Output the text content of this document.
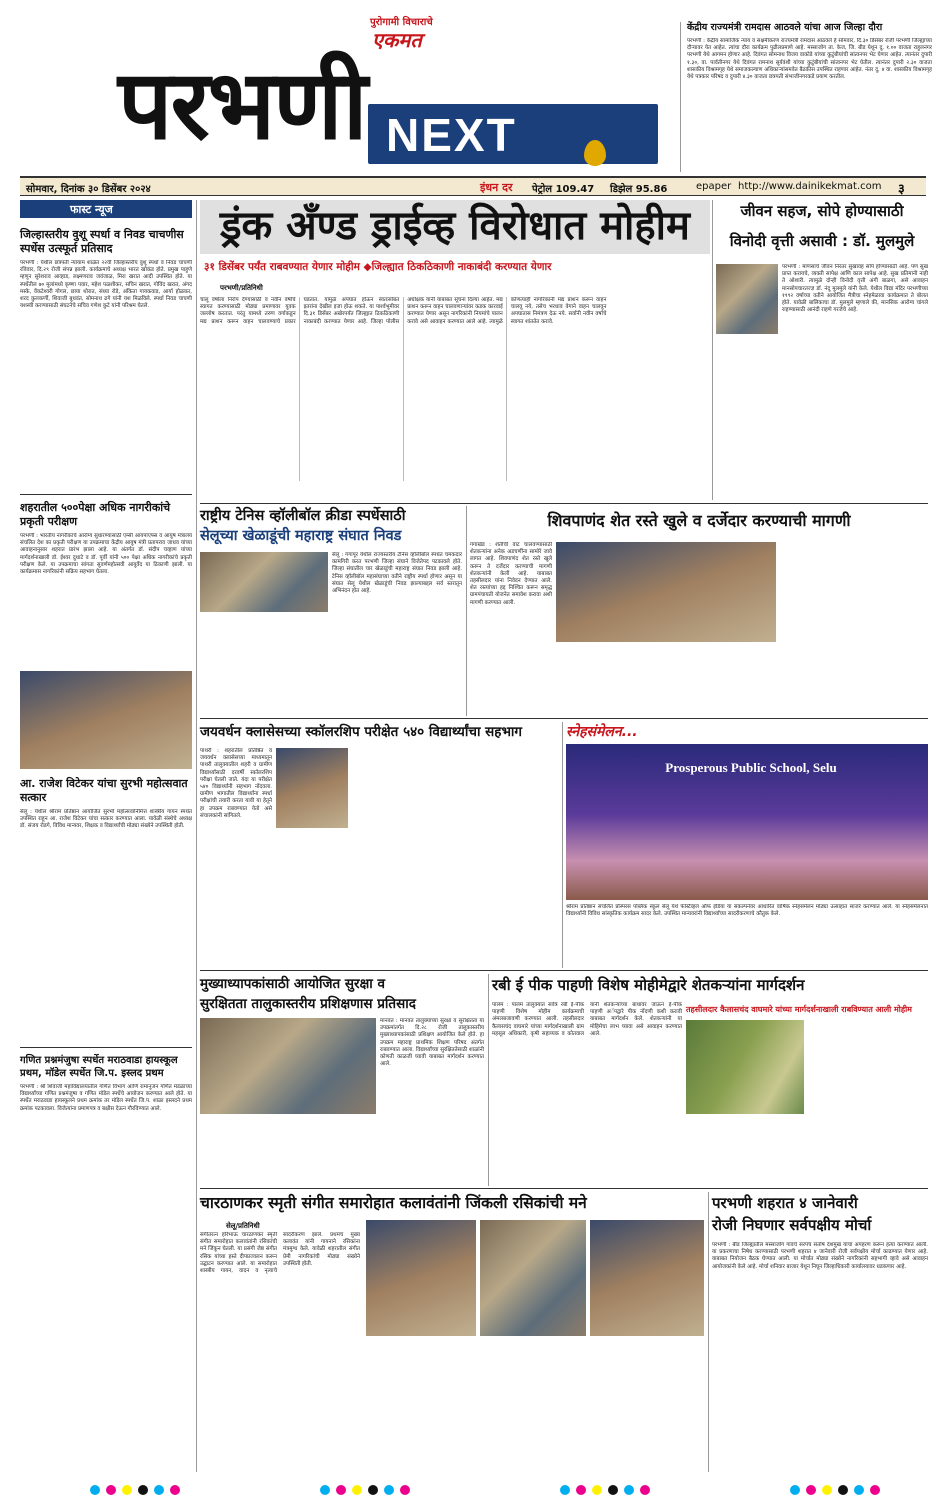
पुरोगामी विचाराचे
एकमत
परभणी NEXT
केंद्रीय राज्यमंत्री रामदास आठवले यांचा आज जिल्हा दौरा
परभणी : केंद्रीय सामाजिक न्याय व सक्षमीकरण राज्यमंत्री रामदास आठवले हे सोमवार, दि.३० डिसेंबर रोजी परभणी जिल्ह्याच्या दौऱ्यावर येत आहेत. त्यांचा दौरा कार्यक्रम पुढीलप्रमाणे आहे. मस्साजोग ता. केज, जि. बीड येथून दु. १.०० वाजता राहुलनगर परभणी येथे आगमन होणार आहे. दिवंगत सोमनाथ विजय वाकोडे यांच्या कुटुंबीयांची सांत्वनपर भेट घेणार आहेत. त्यानंतर दुपारी १.३०, वा. पार्वतीनगर येथे दिवंगत रामनाथ सूर्यवंशी यांच्या कुटुंबीयांची सांत्वनपर भेट घेतील. त्यानंतर दुपारी २.३० वाजता शासकीय विश्रामगृह येथे समाजकल्याण अधिकाऱ्यांसमवेत बैठकीस उपस्थित राहणार आहेत. नंतर दु. ४ वा. शासकीय विश्रामगृह येथे पत्रकार परिषद व दुपारी ४.३० वाजता छत्रपती संभाजीनगरकडे प्रयाण करतील.
सोमवार, दिनांक ३० डिसेंबर २०२४	इंधन दर पेट्रोल 109.47 डिझेल 95.86	epaper http://www.dainikekmat.com ३
फास्ट न्यूज
जिल्हास्तरीय वुशू स्पर्धा व निवड चाचणीस स्पर्धेस उत्स्फूर्त प्रतिसाद
परभणी : येथील छत्रपती न्यायाम शाळेत २२वी जिल्हास्तरीय वुशू स्पर्धा व निवड चाचणी रविवार, दि.२९ रोजी संपन्न झाली. कार्यक्रमाचे अध्यक्ष भारत खोकंड होते. प्रमुख पाहुणे म्हणून सुरेशराव आव्हाड, लक्ष्मणराव जवंजाळ, मिरा खरात आदी उपस्थित होते. या स्पर्धेतील ७० मुलांमध्ये कृष्णा पवार, महेश पळशीकर, सचिन खरात, गोविंद खरात, अंगद मस्के, वेंकटेश्वरी गोगल, छाया थोरात, संध्या रोडे, अंकिता गायकवाड, आर्या होळकर, शरद कुलकर्णी, शिवाजी बुधवंत, सोमनाथ ढगे यांनी यश मिळविले. स्पर्धा निवड चाचणी यशस्वी करण्यासाठी संघटनेचे सचिव गणेश कुटे यांनी परिश्रम घेतले.
शहरातील ५००पेक्षा अधिक नागरीकांचे प्रकृती परीक्षण
परभणी : भारतीय नागरीकांचे आरोग्य सुधारण्यासाठी एम्सी आयपाएफ्स व आयुष मंत्रालय संचलित देश का प्रकृती परीक्षण या उपक्रमाचा केंद्रीय आयुष मंत्री प्रतापराव जाधव यांच्या आवाहनानुसार शहरात प्रारंभ झाला आहे. या अंतर्गत डॉ. संदीप चव्हाण यांच्या मार्गदर्शनाखाली डॉ. ईश्वर दुधाटे व डॉ. पूर्वी यांनी ५०० पेक्षा अधिक नागरीकांचे प्रकृती परीक्षण केले. या उपक्रमाचा सांगता सुवर्णमहोत्सवी आयुर्वेद या ठिकाणी झाली. या कार्यक्रमास नागरिकांनी सक्रिय सहभाग घेतला.
आ. राजेश विटेकर यांचा सुरभी महोत्सवात सत्कार
सेलू : येथील श्रीराम प्रतिष्ठान आयोजित सुरभी महोत्सवानिमित्त शास्त्रीय गायन स्पर्धेत उपस्थित राहून आ. राजेश विटेकर यांचा सत्कार करण्यात आला. यावेळी संस्थेचे अध्यक्ष डॉ. संजय रोडगे, विविध मान्यवर, शिक्षक व विद्यार्थ्यांची मोठ्या संख्येने उपस्थिती होती.
गणित प्रश्नमंजुषा स्पर्धेत मराठवाडा हायस्कूल प्रथम, मॉडेल स्पर्धेत जि.प. इस्लद प्रथम
परभणी : श्री शिवाजी महाविद्यालयातील गणित विभाग आणि रामानुजन गणित मंडळाच्या विद्यार्थ्यांच्या गणित प्रश्नमंजुषा व गणित मॉडेल स्पर्धेचे आयोजन करण्यात आले होते. या स्पर्धेत मराठवाडा हायस्कूलने प्रथम क्रमांक तर मॉडेल स्पर्धेत जि.प. शाळा इस्लदने प्रथम क्रमांक पटकावला. विजेत्यांना प्रमाणपत्र व बक्षीस देऊन गौरविण्यात आले.
ड्रंक अँण्ड ड्राईव्ह विरोधात मोहीम
३१ डिसेंबर पर्यंत राबवण्यात येणार मोहीम ◆जिल्ह्यात ठिकठिकाणी नाकाबंदी करण्यात येणार
परभणी/प्रतिनिधी
चालू वर्षाला निरोप देण्यासाठी व नवीन वर्षाचे स्वागत करण्यासाठी मोठ्या प्रमाणावर युवक जल्लोष करतात. परंतु यामध्ये तरुण वर्गाकडून मद्य प्राशन करून वाहन चालवण्याचे प्रकार घडतात. यामुळे अपघात होऊन स्वतःसोबत इतरांना देखील इजा होऊ शकते. या पार्श्वभूमीवर दि.३१ डिसेंबर अखेरपर्यंत जिल्ह्यात ठिकठिकाणी नाकाबंदी करण्यात येणार आहे. जिल्हा पोलीस अधीक्षक यांनी याबाबत सूचना दिल्या आहेत. मद्य प्राशन करून वाहन चालवणाऱ्यांवर कडक कारवाई करण्यात येणार असून नागरिकांनी नियमांचे पालन करावे असे आवाहन करण्यात आले आहे. त्यामुळे कोणत्याही नागरिकांनी मद्य प्राशन करून वाहन चालवू नये, तसेच भरधाव वेगाने वाहन चालवून अपघातास निमंत्रण देऊ नये. सर्वांनी नवीन वर्षाचे स्वागत शांततेत करावे.
जीवन सहज, सोपे होण्यासाठी
विनोदी वृत्ती असावी : डॉ. मुलमुले
परभणी : माणसाचे जीवन निरंतर सुखावह सोपे होण्यासाठी आहे. पण सुख प्राप्त करायचे, व्यक्ती सापेक्ष आणि काल सापेक्ष आहे. सुख प्रतिमानी नाही ते ओशारी. त्यामुळे दोन्ही विनोदी वृत्ती अंगी बाळगा, असे आवाहन मानसोपचारतज्ज्ञ डॉ. नंदू मुलमुले यांनी केले. येथील विद्या मंदिर परभणीच्या १९९२ वर्षाच्या वतीने आयोजित मैत्रीचा स्नेहमेळावा कार्यक्रमात ते बोलत होते. यावेळी बालिकाचा डॉ. मुलमुले म्हणाले की, मानसिक आरोग्य चांगले राहण्यासाठी आनंदी राहणे गरजेचे आहे.
राष्ट्रीय टेनिस व्हॉलीबॉल क्रीडा स्पर्धेसाठी
सेलूच्या खेळाडूंची महाराष्ट्र संघात निवड
सेलू : गंगापूर येथील राज्यस्तरीय टेनिस व्हॉलीबॉल स्पर्धेत चमकदार कामगिरी करत परभणी जिल्हा संघाने विजेतेपद पटकावले होते. जिल्हा संघातील चार खेळाडूंची महाराष्ट्र संघात निवड झाली आहे. टेनिस व्हॉलीबॉल महासंघाच्या वतीने राष्ट्रीय स्पर्धा होणार असून या संघात सेलू येथील खेळाडूंची निवड झाल्याबद्दल सर्व स्तरातून अभिनंदन होत आहे.
शिवपाणंद शेत रस्ते खुले व दर्जेदार करण्याची मागणी
गंगाखेड : शेतीची वाट चालवण्यासाठी शेतकऱ्यांना अनेक अडचणींना सामोरे जावे लागत आहे. शिवपाणंद शेत रस्ते खुले करून ते दर्जेदार करण्याची मागणी शेतकऱ्यांनी केली आहे. याबाबत तहसीलदार यांना निवेदन देण्यात आले. शेत रस्त्यांच्या हद्द निश्चित करून समृद्ध ग्रामपंचायती योजनेत समावेश करावा अशी मागणी करण्यात आली.
जयवर्धन क्लासेसच्या स्कॉलरशिप परीक्षेत ५४० विद्यार्थ्यांचा सहभाग
पाथरी : शहरातील प्रतिष्ठित व जयवर्धन क्लासेसच्या माध्यमातून पाथरी तालुक्यातील शहरी व ग्रामीण विद्यार्थ्यांसाठी दरवर्षी स्कॉलरशिप परीक्षा घेतली जाते. यंदा या परीक्षेत ५४० विद्यार्थ्यांनी सहभाग नोंदवला. ग्रामीण भागातील विद्यार्थ्यांना स्पर्धा परीक्षांची तयारी करता यावी या हेतूने हा उपक्रम राबवण्यात येतो असे संचालकांनी सांगितले.
स्नेहसंमेलन...
Prosperous Public School, Selu
श्रीराम प्रतिष्ठान संचलित प्रॉस्परस पब्लिक स्कूल सेलू येथे फेस्टिव्हल ऑफ इंडिया या संकल्पनेवर आधारित वार्षिक स्नेहसंमेलन मोठ्या उत्साहात साजरे करण्यात आले. या स्नेहसंमेलनात विद्यार्थ्यांनी विविध सांस्कृतिक कार्यक्रम सादर केले. उपस्थित मान्यवरांनी विद्यार्थ्यांच्या सादरीकरणाचे कौतुक केले.
मुख्याध्यापकांसाठी आयोजित सुरक्षा व
सुरक्षितता तालुकास्तरीय प्रशिक्षणास प्रतिसाद
मानवत : मानवत तालुक्याच्या सुरक्षा व सुरक्षितता या उपक्रमांतर्गत दि.२८ रोजी तालुकास्तरीय मुख्याध्यापकांसाठी प्रशिक्षण आयोजित केले होते. हा उपक्रम महाराष्ट्र प्राथमिक शिक्षण परिषद अंतर्गत राबवण्यात आला. विद्यार्थ्यांच्या सुरक्षिततेसाठी शाळांनी कोणती काळजी घ्यावी याबाबत मार्गदर्शन करण्यात आले.
रबी ई पीक पाहणी विशेष मोहीमेद्वारे शेतकऱ्यांना मार्गदर्शन
पालम : पालम तालुक्यात सर्वत्र रबी ई-पीक पाहणी विशेष मोहीम कार्यक्रमाची अंमलबजावणी करण्यात आली. तहसीलदार कैलासचंद वाघमारे यांच्या मार्गदर्शनाखाली ग्राम महसूल अधिकारी, कृषी सहाय्यक व कोतवाल यांनी शेतकऱ्यांच्या बांधावर जाऊन ई-पीक पाहणी अॅपद्वारे पीक नोंदणी कशी करावी याबाबत मार्गदर्शन केले. शेतकऱ्यांनी या मोहिमेचा लाभ घ्यावा असे आवाहन करण्यात आले.
तहसीलदार कैलासचंद वाघमारे यांच्या मार्गदर्शनाखाली राबविण्यात आली मोहीम
चारठाणकर स्मृती संगीत समारोहात कलावंतांनी जिंकली रसिकांची मने
सेलू/प्रतिनिधी
संगीतरत्न हरिभाऊ चारठाणकर स्मृती संगीत समारोहात कलावंतांनी रसिकांची मने जिंकून घेतली. या प्रसंगी जेष्ठ संगीत रसिक यांच्या हस्ते दीपप्रज्वलन करून उद्घाटन करण्यात आले. या समारोहात शास्त्रीय गायन, वादन व नृत्याचे सादरीकरण झाले. प्रथमच मुख्य कलावंत यांनी गायनाने रसिकांना मंत्रमुग्ध केले. यावेळी शहरातील संगीत प्रेमी नागरिकांची मोठ्या संख्येने उपस्थिती होती.
परभणी शहरात ४ जानेवारी
रोजी निघणार सर्वपक्षीय मोर्चा
परभणी : बीड जिल्ह्यातील मस्साजोग गावचे सरपंच संतोष देशमुख यांचा अपहरण करून हत्या करण्यात आली. या प्रकरणाचा निषेध करण्यासाठी परभणी शहरात ४ जानेवारी रोजी सर्वपक्षीय मोर्चा काढण्यात येणार आहे. याबाबत नियोजन बैठक घेण्यात आली. या मोर्चात मोठ्या संख्येने नागरिकांनी सहभागी व्हावे असे आवाहन आयोजकांनी केले आहे. मोर्चा शनिवार बाजार येथून निघून जिल्हाधिकारी कार्यालयावर धडकणार आहे.
